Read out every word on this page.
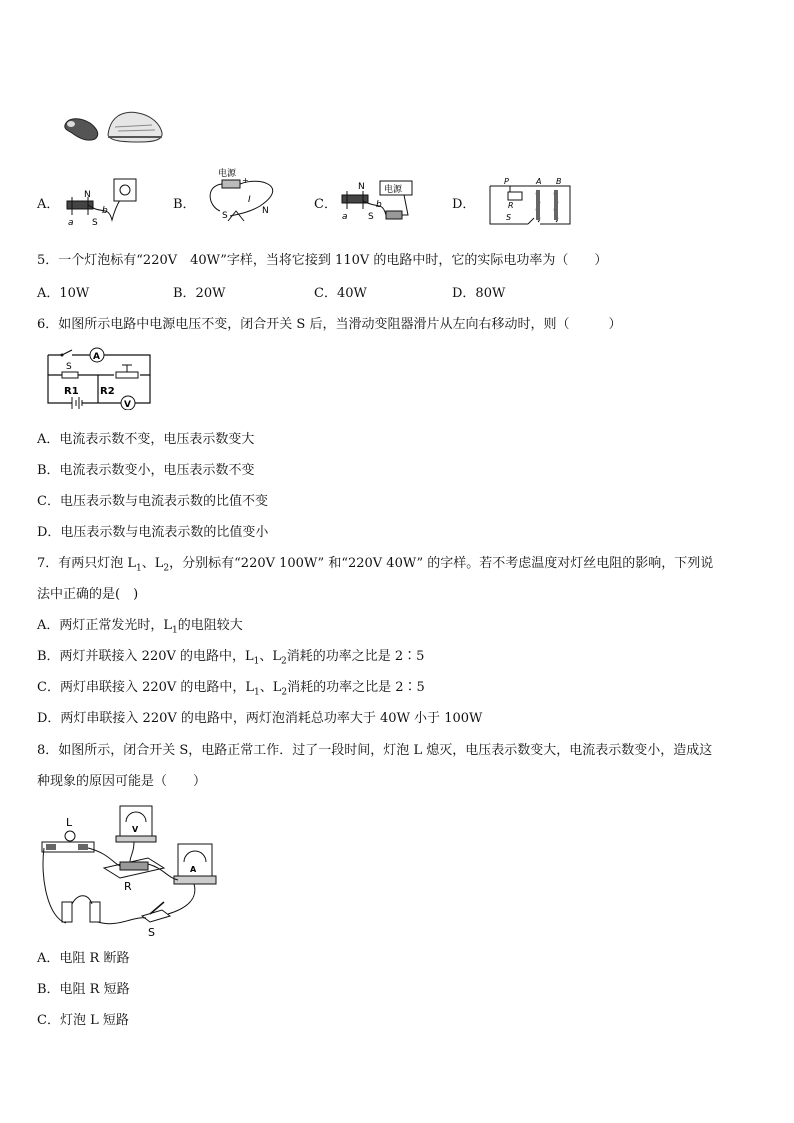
A．
N
S
a
b	B．
电源
+
S	N
I	C．
电源
N
S
a
b	D．
P
R
S
A B
5．一个灯泡标有“220V　40W”字样，当将它接到 110V 的电路中时，它的实际电功率为（　　）
A．10W	B．20W	C．40W	D．80W
6．如图所示电路中电源电压不变，闭合开关 S 后，当滑动变阻器滑片从左向右移动时，则（　　　）
A
S
V
R1 R2
A．电流表示数不变，电压表示数变大
B．电流表示数变小，电压表示数不变
C．电压表示数与电流表示数的比值不变
D．电压表示数与电流表示数的比值变小
7．有两只灯泡 $L_1$、$L_2$，分别标有“220V 100W” 和“220V 40W” 的字样。若不考虑温度对灯丝电阻的影响，下列说
法中正确的是(　)
A．两灯正常发光时，$L_1$的电阻较大
B．两灯并联接入 220V 的电路中，$L_1$、$L_2$消耗的功率之比是 2∶5
C．两灯串联接入 220V 的电路中，$L_1$、$L_2$消耗的功率之比是 2∶5
D．两灯串联接入 220V 的电路中，两灯泡消耗总功率大于 40W 小于 100W
8．如图所示，闭合开关 S，电路正常工作．过了一段时间，灯泡 L 熄灭，电压表示数变大，电流表示数变小，造成这
种现象的原因可能是（　　）
L
V
R
A
S
A．电阻 R 断路
B．电阻 R 短路
C．灯泡 L 短路
